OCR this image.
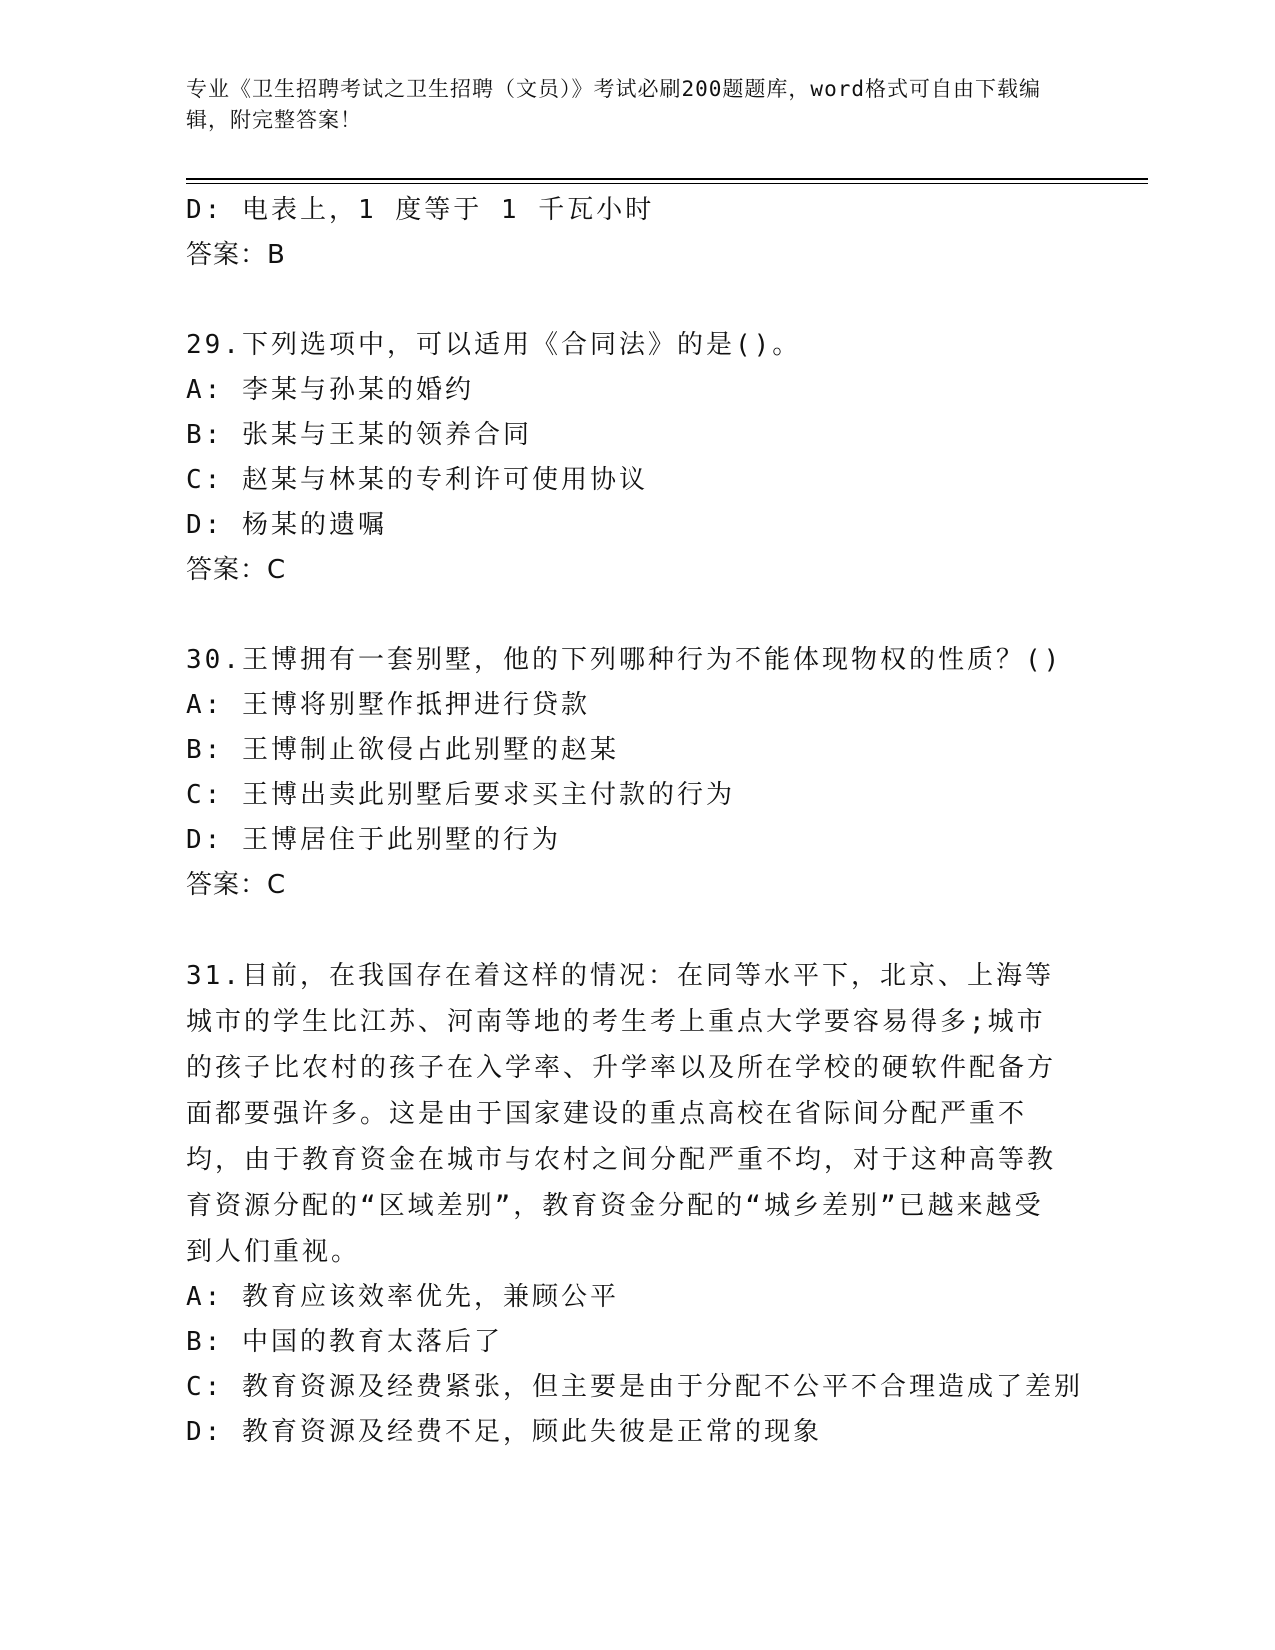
专业《卫生招聘考试之卫生招聘（文员）》考试必刷200题题库，word格式可自由下载编辑，附完整答案！
D: 电表上，1 度等于 1 千瓦小时
答案：B
29.下列选项中，可以适用《合同法》的是()。
A: 李某与孙某的婚约
B: 张某与王某的领养合同
C: 赵某与林某的专利许可使用协议
D: 杨某的遗嘱
答案：C
30.王博拥有一套别墅，他的下列哪种行为不能体现物权的性质？()
A: 王博将别墅作抵押进行贷款
B: 王博制止欲侵占此别墅的赵某
C: 王博出卖此别墅后要求买主付款的行为
D: 王博居住于此别墅的行为
答案：C
31.目前，在我国存在着这样的情况：在同等水平下，北京、上海等城市的学生比江苏、河南等地的考生考上重点大学要容易得多;城市的孩子比农村的孩子在入学率、升学率以及所在学校的硬软件配备方面都要强许多。这是由于国家建设的重点高校在省际间分配严重不均，由于教育资金在城市与农村之间分配严重不均，对于这种高等教育资源分配的“区域差别”，教育资金分配的“城乡差别”已越来越受到人们重视。
A: 教育应该效率优先，兼顾公平
B: 中国的教育太落后了
C: 教育资源及经费紧张，但主要是由于分配不公平不合理造成了差别
D: 教育资源及经费不足，顾此失彼是正常的现象
